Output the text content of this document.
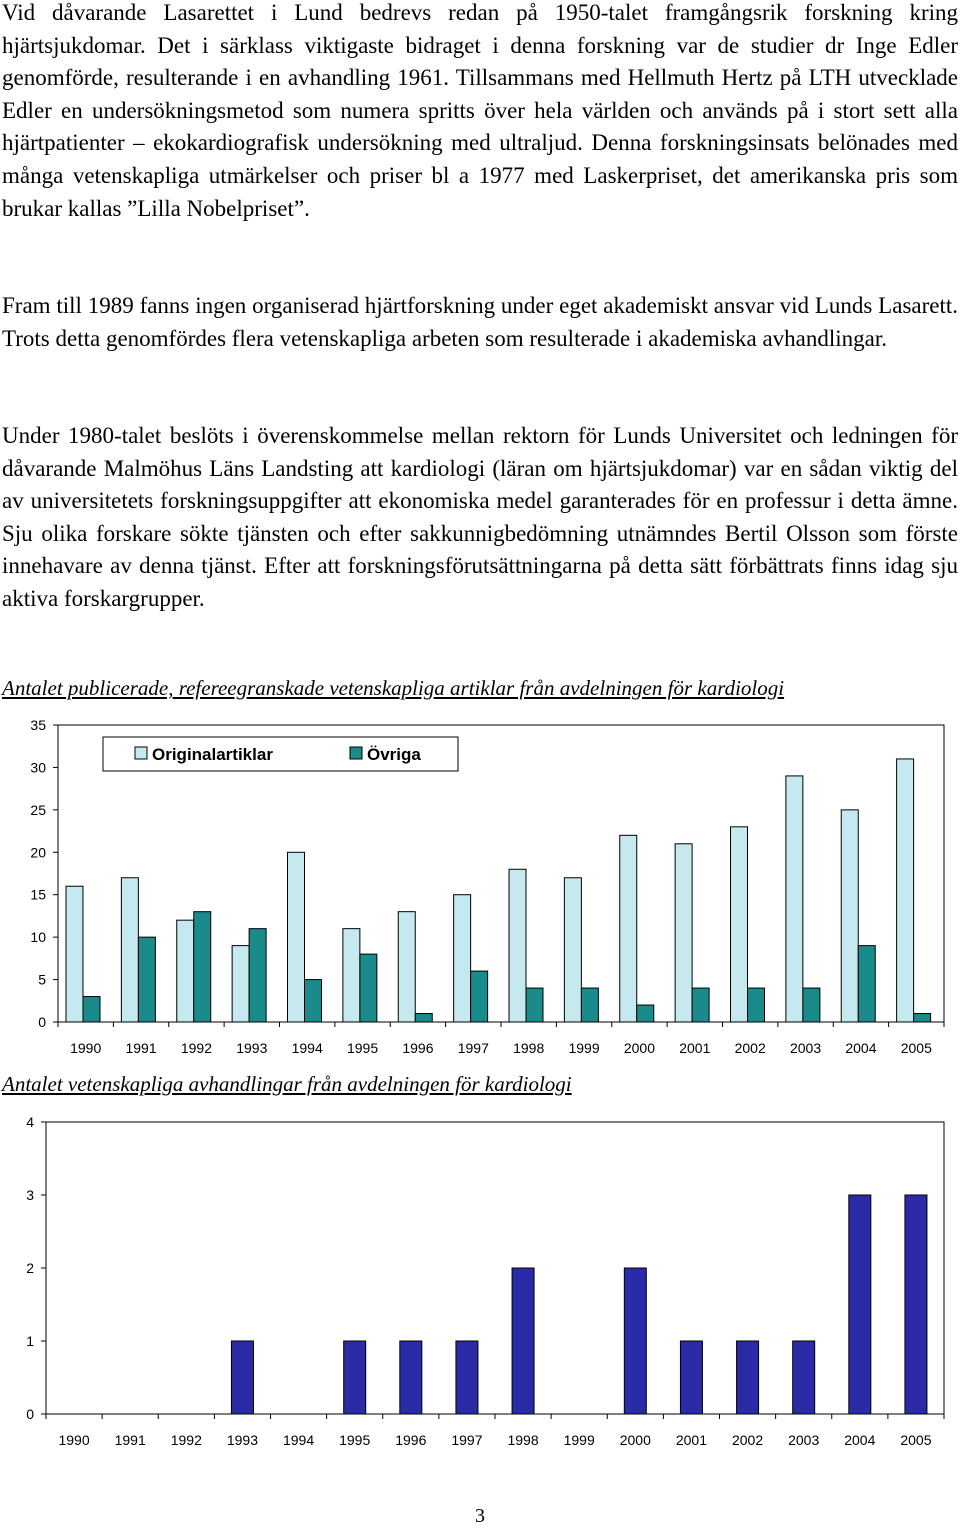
Vid dåvarande Lasarettet i Lund bedrevs redan på 1950-talet framgångsrik forskning kring hjärtsjukdomar. Det i särklass viktigaste bidraget i denna forskning var de studier dr Inge Edler genomförde, resulterande i en avhandling 1961. Tillsammans med Hellmuth Hertz på LTH utvecklade Edler en undersökningsmetod som numera spritts över hela världen och används på i stort sett alla hjärtpatienter – ekokardiografisk undersökning med ultraljud. Denna forskningsinsats belönades med många vetenskapliga utmärkelser och priser bl a 1977 med Laskerpriset, det amerikanska pris som brukar kallas ”Lilla Nobelpriset”.

Fram till 1989 fanns ingen organiserad hjärtforskning under eget akademiskt ansvar vid Lunds Lasarett. Trots detta genomfördes flera vetenskapliga arbeten som resulterade i akademiska avhandlingar.

Under 1980-talet beslöts i överenskommelse mellan rektorn för Lunds Universitet och ledningen för dåvarande Malmöhus Läns Landsting att kardiologi (läran om hjärtsjukdomar) var en sådan viktig del av universitetets forskningsuppgifter att ekonomiska medel garanterades för en professur i detta ämne. Sju olika forskare sökte tjänsten och efter sakkunnigbedömning utnämndes Bertil Olsson som förste innehavare av denna tjänst. Efter att forskningsförutsättningarna på detta sätt förbättrats finns idag sju aktiva forskargrupper.

Antalet publicerade, refereegranskade vetenskapliga artiklar från avdelningen för kardiologi
0
5
10
15
20
25
30
35
1990 1991 1992 1993 1994 1995 1996 1997 1998 1999 2000 2001 2002 2003 2004 2005
Originalartiklar	Övriga
Antalet vetenskapliga avhandlingar från avdelningen för kardiologi
0
1
2
3
4
1990 1991 1992 1993 1994 1995 1996 1997 1998 1999 2000 2001 2002 2003 2004 2005
3
